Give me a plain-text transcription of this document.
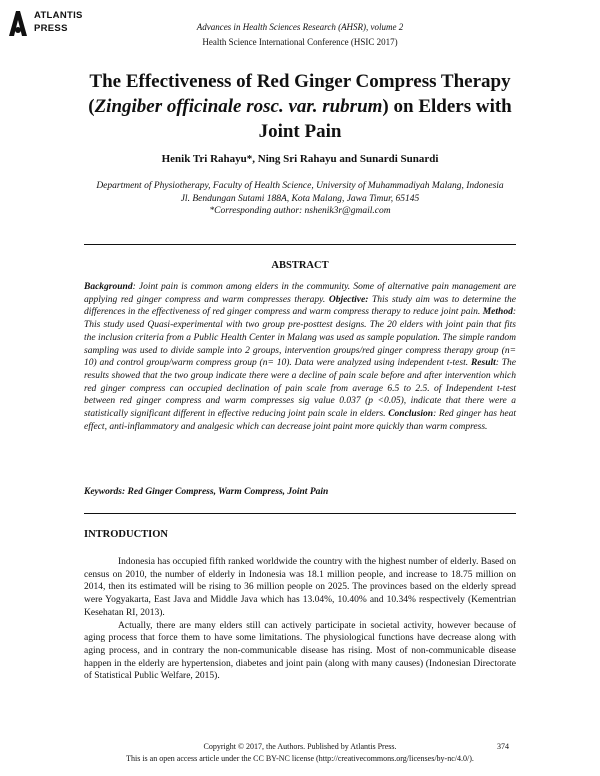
ATLANTIS
PRESS	Advances in Health Sciences Research (AHSR), volume 2
Health Science International Conference (HSIC 2017)
The Effectiveness of Red Ginger Compress Therapy (Zingiber officinale rosc. var. rubrum) on Elders with Joint Pain
Henik Tri Rahayu*, Ning Sri Rahayu and Sunardi Sunardi
Department of Physiotherapy, Faculty of Health Science, University of Muhammadiyah Malang, Indonesia
Jl. Bendungan Sutami 188A, Kota Malang, Jawa Timur, 65145
*Corresponding author: nshenik3r@gmail.com
ABSTRACT

Background: Joint pain is common among elders in the community. Some of alternative pain management are applying red ginger compress and warm compresses therapy. Objective: This study aim was to determine the differences in the effectiveness of red ginger compress and warm compress therapy to reduce joint pain. Method: This study used Quasi-experimental with two group pre-posttest designs. The 20 elders with joint pain that fits the inclusion criteria from a Public Health Center in Malang was used as sample population. The simple random sampling was used to divide sample into 2 groups, intervention groups/red ginger compress therapy group (n= 10) and control group/warm compress group (n= 10). Data were analyzed using independent t-test. Result: The results showed that the two group indicate there were a decline of pain scale before and after intervention which red ginger compress can occupied declination of pain scale from average 6.5 to 2.5. of Independent t-test between red ginger compress and warm compresses sig value 0.037 (p <0.05), indicate that there were a statistically significant different in effective reducing joint pain scale in elders. Conclusion: Red ginger has heat effect, anti-inflammatory and analgesic which can decrease joint paint more quickly than warm compress.

Keywords: Red Ginger Compress, Warm Compress, Joint Pain
INTRODUCTION

Indonesia has occupied fifth ranked worldwide the country with the highest number of elderly. Based on census on 2010, the number of elderly in Indonesia was 18.1 million people, and increase to 18.75 million on 2014, then its estimated will be rising to 36 million people on 2025. The provinces based on the elderly spread were Yogyakarta, East Java and Middle Java which has 13.04%, 10.40% and 10.34% respectively (Kementrian Kesehatan RI, 2013).

Actually, there are many elders still can actively participate in societal activity, however because of aging process that force them to have some limitations. The physiological functions have decrease along with aging process, and in contrary the non-communicable disease has rising. Most of non-communicable disease happen in the elderly are hypertension, diabetes and joint pain (along with many causes) (Indonesian Directorate of Statistical Public Welfare, 2015).

Copyright © 2017, the Authors. Published by Atlantis Press.	374
This is an open access article under the CC BY-NC license (http://creativecommons.org/licenses/by-nc/4.0/).
